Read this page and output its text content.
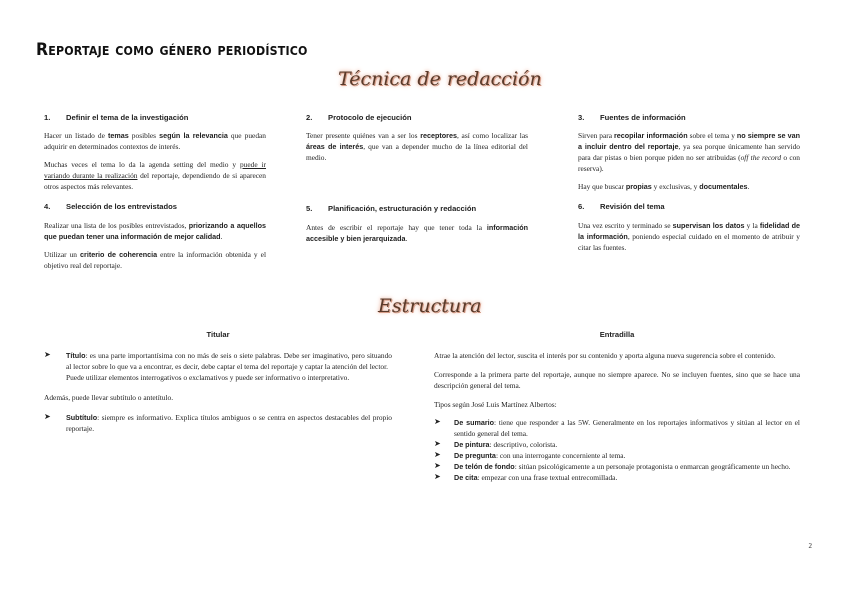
Reportaje como género periodístico
Técnica de redacción
1. Definir el tema de la investigación
Hacer un listado de temas posibles según la relevancia que puedan adquirir en determinados contextos de interés.
Muchas veces el tema lo da la agenda setting del medio y puede ir variando durante la realización del reportaje, dependiendo de si aparecen otros aspectos más relevantes.
2. Protocolo de ejecución
Tener presente quiénes van a ser los receptores, así como localizar las áreas de interés, que van a depender mucho de la línea editorial del medio.
3. Fuentes de información
Sirven para recopilar información sobre el tema y no siempre se van a incluir dentro del reportaje, ya sea porque únicamente han servido para dar pistas o bien porque piden no ser atribuidas (off the record o con reserva).
Hay que buscar propias y exclusivas, y documentales.
4. Selección de los entrevistados
Realizar una lista de los posibles entrevistados, priorizando a aquellos que puedan tener una información de mejor calidad.
Utilizar un criterio de coherencia entre la información obtenida y el objetivo real del reportaje.
5. Planificación, estructuración y redacción
Antes de escribir el reportaje hay que tener toda la información accesible y bien jerarquizada.
6. Revisión del tema
Una vez escrito y terminado se supervisan los datos y la fidelidad de la información, poniendo especial cuidado en el momento de atribuir y citar las fuentes.
Estructura
Titular
➤ Título: es una parte importantísima con no más de seis o siete palabras. Debe ser imaginativo, pero situando al lector sobre lo que va a encontrar, es decir, debe captar el tema del reportaje y captar la atención del lector.
Puede utilizar elementos interrogativos o exclamativos y puede ser informativo o interpretativo.
Además, puede llevar subtítulo o antetítulo.
➤ Subtítulo: siempre es informativo. Explica títulos ambiguos o se centra en aspectos destacables del propio reportaje.
Entradilla
Atrae la atención del lector, suscita el interés por su contenido y aporta alguna nueva sugerencia sobre el contenido.
Corresponde a la primera parte del reportaje, aunque no siempre aparece. No se incluyen fuentes, sino que se hace una descripción general del tema.
Tipos según José Luis Martínez Albertos:
➤ De sumario: tiene que responder a las 5W. Generalmente en los reportajes informativos y sitúan al lector en el sentido general del tema.
➤ De pintura: descriptivo, colorista.
➤ De pregunta: con una interrogante concerniente al tema.
➤ De telón de fondo: sitúan psicológicamente a un personaje protagonista o enmarcan geográficamente un hecho.
➤ De cita: empezar con una frase textual entrecomillada.
2
